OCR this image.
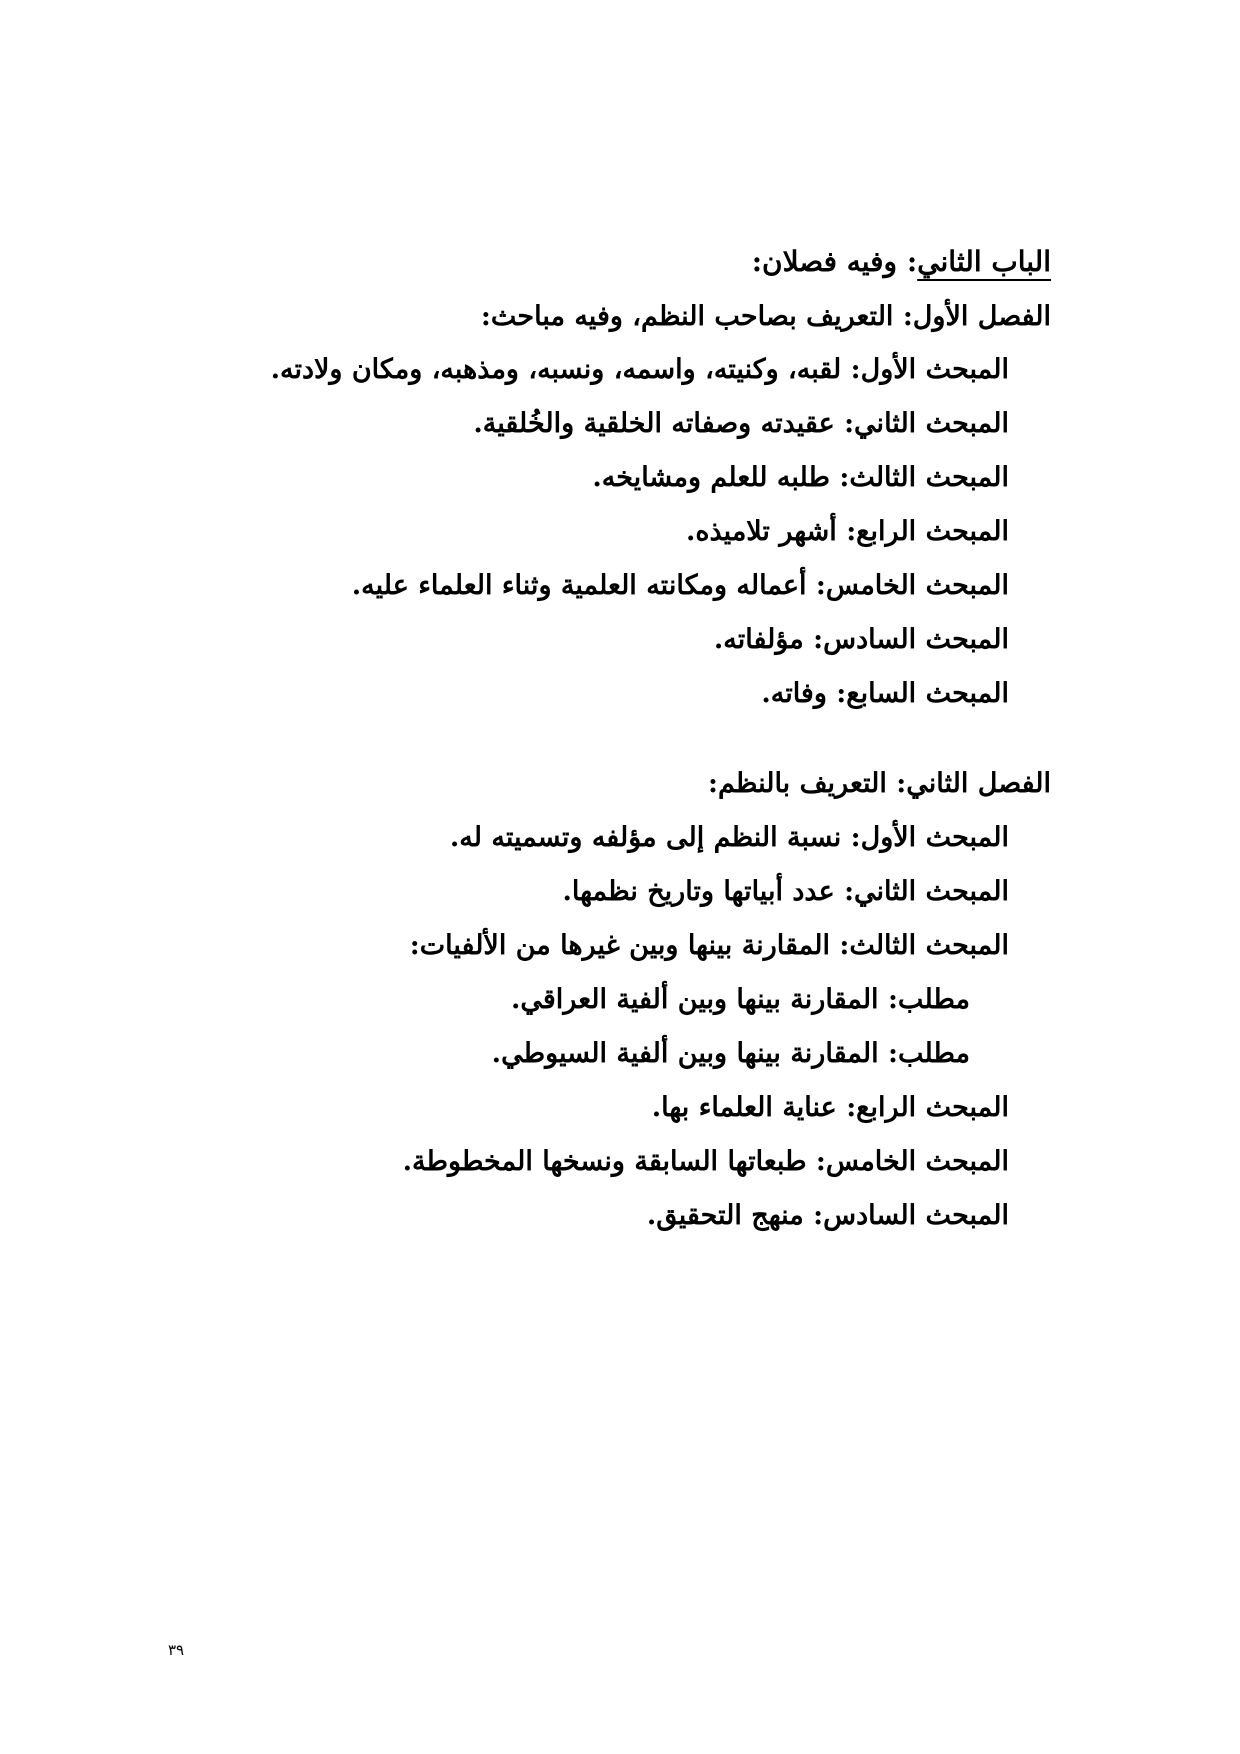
الباب الثاني: وفيه فصلان:
الفصل الأول: التعريف بصاحب النظم، وفيه مباحث:
المبحث الأول: لقبه، وكنيته، واسمه، ونسبه، ومذهبه، ومكان ولادته.
المبحث الثاني: عقيدته وصفاته الخلقية والخُلقية.
المبحث الثالث: طلبه للعلم ومشايخه.
المبحث الرابع: أشهر تلاميذه.
المبحث الخامس: أعماله ومكانته العلمية وثناء العلماء عليه.
المبحث السادس: مؤلفاته.
المبحث السابع: وفاته.
الفصل الثاني: التعريف بالنظم:
المبحث الأول: نسبة النظم إلى مؤلفه وتسميته له.
المبحث الثاني: عدد أبياتها وتاريخ نظمها.
المبحث الثالث: المقارنة بينها وبين غيرها من الألفيات:
مطلب: المقارنة بينها وبين ألفية العراقي.
مطلب: المقارنة بينها وبين ألفية السيوطي.
المبحث الرابع: عناية العلماء بها.
المبحث الخامس: طبعاتها السابقة ونسخها المخطوطة.
المبحث السادس: منهج التحقيق.
٣٩
